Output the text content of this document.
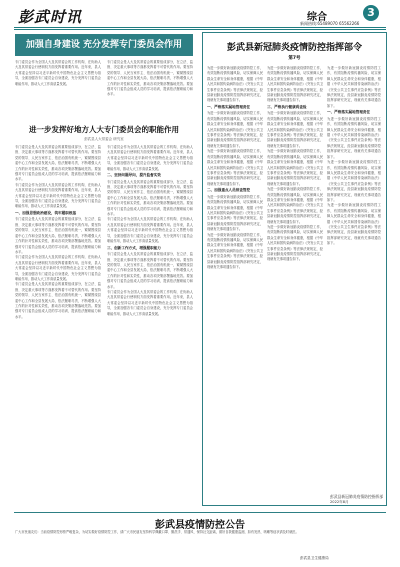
彭武时讯	综合	3
新闻热线:65489070 65562266
加强自身建设 充分发挥专门委员会作用

专门委员会作为全国人大及其常委会的工作机构，在协助人大及其常委会行使职权方面发挥着重要作用。近年来，县人大常委会坚持以习近平新时代中国特色社会主义思想为指导，全面加强各专门委员会自身建设，充分发挥专门委员会职能作用，推动人大工作高质量发展。

专门委员会是人大及其常委会的重要组成部分，在立法、监督、决定重大事项等方面都发挥着不可替代的作用。要坚持党的领导、人民当家作主、依法治国有机统一，紧紧围绕县委中心工作和全县发展大局，依法履职尽责，不断增强人大工作的针对性和实效性，推动各项决策部署落地见效。要加强对专门委员会组成人员的学习培训，提高依法履职能力和水平。

进一步发挥好地方人大专门委员会的职能作用
彭武县人大常委会 研究室

专门委员会是人大及其常委会的重要组成部分，在立法、监督、决定重大事项等方面都发挥着不可替代的作用。要坚持党的领导、人民当家作主、依法治国有机统一，紧紧围绕县委中心工作和全县发展大局，依法履职尽责，不断增强人大工作的针对性和实效性，推动各项决策部署落地见效。要加强对专门委员会组成人员的学习培训，提高依法履职能力和水平。

专门委员会作为全国人大及其常委会的工作机构，在协助人大及其常委会行使职权方面发挥着重要作用。近年来，县人大常委会坚持以习近平新时代中国特色社会主义思想为指导，全面加强各专门委员会自身建设，充分发挥专门委员会职能作用，推动人大工作高质量发展。

一、加强思想政治建设，筑牢履职根基

专门委员会是人大及其常委会的重要组成部分，在立法、监督、决定重大事项等方面都发挥着不可替代的作用。要坚持党的领导、人民当家作主、依法治国有机统一，紧紧围绕县委中心工作和全县发展大局，依法履职尽责，不断增强人大工作的针对性和实效性，推动各项决策部署落地见效。要加强对专门委员会组成人员的学习培训，提高依法履职能力和水平。

专门委员会作为全国人大及其常委会的工作机构，在协助人大及其常委会行使职权方面发挥着重要作用。近年来，县人大常委会坚持以习近平新时代中国特色社会主义思想为指导，全面加强各专门委员会自身建设，充分发挥专门委员会职能作用，推动人大工作高质量发展。

专门委员会是人大及其常委会的重要组成部分，在立法、监督、决定重大事项等方面都发挥着不可替代的作用。要坚持党的领导、人民当家作主、依法治国有机统一，紧紧围绕县委中心工作和全县发展大局，依法履职尽责，不断增强人大工作的针对性和实效性，推动各项决策部署落地见效。要加强对专门委员会组成人员的学习培训，提高依法履职能力和水平。

专门委员会作为全国人大及其常委会的工作机构，在协助人大及其常委会行使职权方面发挥着重要作用。近年来，县人大常委会坚持以习近平新时代中国特色社会主义思想为指导，全面加强各专门委员会自身建设，充分发挥专门委员会职能作用，推动人大工作高质量发展。

二、坚持问题导向，提升监督实效

专门委员会是人大及其常委会的重要组成部分，在立法、监督、决定重大事项等方面都发挥着不可替代的作用。要坚持党的领导、人民当家作主、依法治国有机统一，紧紧围绕县委中心工作和全县发展大局，依法履职尽责，不断增强人大工作的针对性和实效性，推动各项决策部署落地见效。要加强对专门委员会组成人员的学习培训，提高依法履职能力和水平。

专门委员会作为全国人大及其常委会的工作机构，在协助人大及其常委会行使职权方面发挥着重要作用。近年来，县人大常委会坚持以习近平新时代中国特色社会主义思想为指导，全面加强各专门委员会自身建设，充分发挥专门委员会职能作用，推动人大工作高质量发展。

三、创新工作方式，增强履职能力

专门委员会是人大及其常委会的重要组成部分，在立法、监督、决定重大事项等方面都发挥着不可替代的作用。要坚持党的领导、人民当家作主、依法治国有机统一，紧紧围绕县委中心工作和全县发展大局，依法履职尽责，不断增强人大工作的针对性和实效性，推动各项决策部署落地见效。要加强对专门委员会组成人员的学习培训，提高依法履职能力和水平。

专门委员会作为全国人大及其常委会的工作机构，在协助人大及其常委会行使职权方面发挥着重要作用。近年来，县人大常委会坚持以习近平新时代中国特色社会主义思想为指导，全面加强各专门委员会自身建设，充分发挥专门委员会职能作用，推动人大工作高质量发展。

彭武县新冠肺炎疫情防控指挥部令
第7号

为进一步做好新冠肺炎疫情防控工作，有效阻断疫情传播风险，切实保障人民群众生命安全和身体健康，根据《中华人民共和国传染病防治法》《突发公共卫生事件应急条例》等法律法规规定，经县新冠肺炎疫情防控指挥部研究决定，现就有关事项通告如下。

一、严格落实属地管理责任

为进一步做好新冠肺炎疫情防控工作，有效阻断疫情传播风险，切实保障人民群众生命安全和身体健康，根据《中华人民共和国传染病防治法》《突发公共卫生事件应急条例》等法律法规规定，经县新冠肺炎疫情防控指挥部研究决定，现就有关事项通告如下。

为进一步做好新冠肺炎疫情防控工作，有效阻断疫情传播风险，切实保障人民群众生命安全和身体健康，根据《中华人民共和国传染病防治法》《突发公共卫生事件应急条例》等法律法规规定，经县新冠肺炎疫情防控指挥部研究决定，现就有关事项通告如下。

二、加强重点人员排查管控

为进一步做好新冠肺炎疫情防控工作，有效阻断疫情传播风险，切实保障人民群众生命安全和身体健康，根据《中华人民共和国传染病防治法》《突发公共卫生事件应急条例》等法律法规规定，经县新冠肺炎疫情防控指挥部研究决定，现就有关事项通告如下。

为进一步做好新冠肺炎疫情防控工作，有效阻断疫情传播风险，切实保障人民群众生命安全和身体健康，根据《中华人民共和国传染病防治法》《突发公共卫生事件应急条例》等法律法规规定，经县新冠肺炎疫情防控指挥部研究决定，现就有关事项通告如下。

为进一步做好新冠肺炎疫情防控工作，有效阻断疫情传播风险，切实保障人民群众生命安全和身体健康，根据《中华人民共和国传染病防治法》《突发公共卫生事件应急条例》等法律法规规定，经县新冠肺炎疫情防控指挥部研究决定，现就有关事项通告如下。

三、严格执行健康码查验

为进一步做好新冠肺炎疫情防控工作，有效阻断疫情传播风险，切实保障人民群众生命安全和身体健康，根据《中华人民共和国传染病防治法》《突发公共卫生事件应急条例》等法律法规规定，经县新冠肺炎疫情防控指挥部研究决定，现就有关事项通告如下。

为进一步做好新冠肺炎疫情防控工作，有效阻断疫情传播风险，切实保障人民群众生命安全和身体健康，根据《中华人民共和国传染病防治法》《突发公共卫生事件应急条例》等法律法规规定，经县新冠肺炎疫情防控指挥部研究决定，现就有关事项通告如下。

为进一步做好新冠肺炎疫情防控工作，有效阻断疫情传播风险，切实保障人民群众生命安全和身体健康，根据《中华人民共和国传染病防治法》《突发公共卫生事件应急条例》等法律法规规定，经县新冠肺炎疫情防控指挥部研究决定，现就有关事项通告如下。

为进一步做好新冠肺炎疫情防控工作，有效阻断疫情传播风险，切实保障人民群众生命安全和身体健康，根据《中华人民共和国传染病防治法》《突发公共卫生事件应急条例》等法律法规规定，经县新冠肺炎疫情防控指挥部研究决定，现就有关事项通告如下。

为进一步做好新冠肺炎疫情防控工作，有效阻断疫情传播风险，切实保障人民群众生命安全和身体健康，根据《中华人民共和国传染病防治法》《突发公共卫生事件应急条例》等法律法规规定，经县新冠肺炎疫情防控指挥部研究决定，现就有关事项通告如下。

一、严格落实属地管理责任

为进一步做好新冠肺炎疫情防控工作，有效阻断疫情传播风险，切实保障人民群众生命安全和身体健康，根据《中华人民共和国传染病防治法》《突发公共卫生事件应急条例》等法律法规规定，经县新冠肺炎疫情防控指挥部研究决定，现就有关事项通告如下。

为进一步做好新冠肺炎疫情防控工作，有效阻断疫情传播风险，切实保障人民群众生命安全和身体健康，根据《中华人民共和国传染病防治法》《突发公共卫生事件应急条例》等法律法规规定，经县新冠肺炎疫情防控指挥部研究决定，现就有关事项通告如下。

为进一步做好新冠肺炎疫情防控工作，有效阻断疫情传播风险，切实保障人民群众生命安全和身体健康，根据《中华人民共和国传染病防治法》《突发公共卫生事件应急条例》等法律法规规定，经县新冠肺炎疫情防控指挥部研究决定，现就有关事项通告如下。

彭武县新冠肺炎疫情防控指挥部
2022年8月
彭武县疫情防控公告

广大市民朋友们：当前疫情防控形势严峻复杂，为切实做好疫情防控工作，请广大市民朋友坚持科学佩戴口罩、勤洗手、常通风、保持社交距离，做好自我健康监测，如有发热、咳嗽等症状请及时就医。

彭武县卫生健康局
